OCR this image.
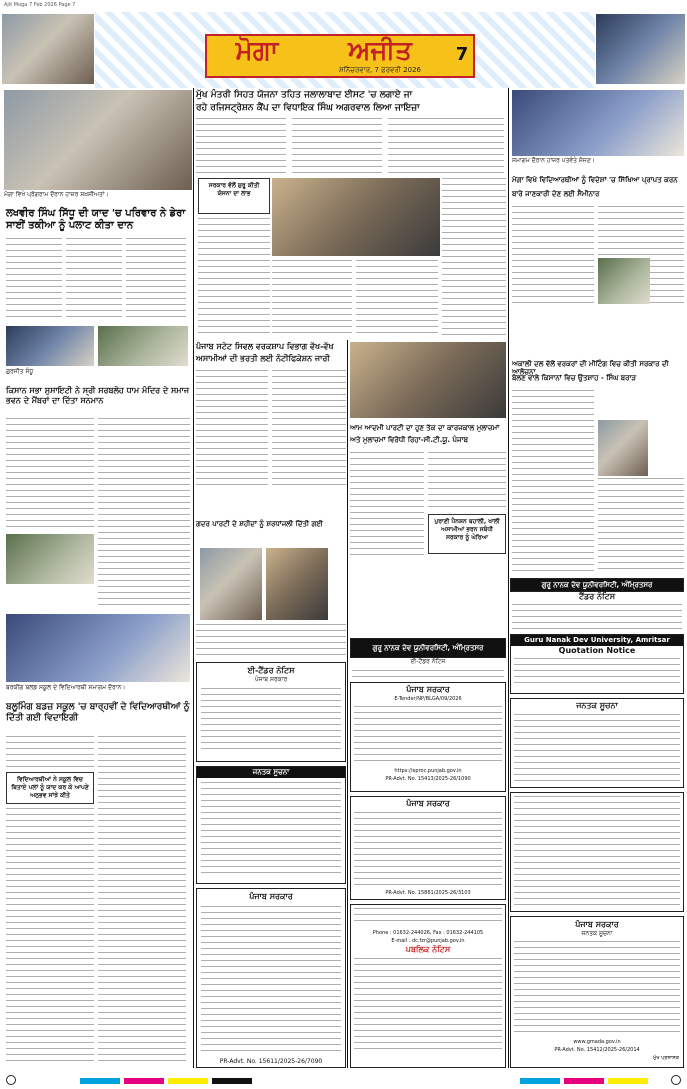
Ajit Moga 7 Feb 2026 Page 7
ਮੋਗਾ	ਅਜੀਤ
ਸ਼ਨਿੱਚਰਵਾਰ, 7 ਫ਼ਰਵਰੀ 2026
7
ਮੋਗਾ ਵਿਖੇ ਪ੍ਰੋਗਰਾਮ ਦੌਰਾਨ ਹਾਜ਼ਰ ਸ਼ਖ਼ਸੀਅਤਾਂ।
ਮੁੱਖ ਮੰਤਰੀ ਸਿਹਤ ਯੋਜਨਾ ਤਹਿਤ ਜਲਾਲਾਬਾਦ ਈਸਟ 'ਚ ਲਗਾਏ ਜਾ
ਰਹੇ ਰਜਿਸਟ੍ਰੇਸ਼ਨ ਕੈਂਪ ਦਾ ਵਿਧਾਇਕ ਸਿੰਘ ਅਗਰਵਾਲ ਲਿਆ ਜਾਇਜ਼ਾ
ਸਮਾਗਮ ਦੌਰਾਨ ਹਾਜ਼ਰ ਪਤਵੰਤੇ ਸੱਜਣ।
ਲਖਵੀਰ ਸਿੰਘ ਸਿੱਧੂ ਦੀ ਯਾਦ 'ਚ ਪਰਿਵਾਰ ਨੇ ਡੇਰਾ ਸਾਈਂ ਤਕੀਆ ਨੂੰ ਪਲਾਟ ਕੀਤਾ ਦਾਨ
ਸਰਕਾਰ ਵੱਲੋਂ ਸ਼ੁਰੂ ਕੀਤੀ ਯੋਜਨਾ ਦਾ ਲਾਭ
ਮੋਗਾ ਵਿਖੇ ਵਿਦਿਆਰਥੀਆਂ ਨੂੰ ਵਿਦੇਸ਼ਾਂ 'ਚ ਸਿੱਖਿਆ ਪ੍ਰਾਪਤ ਕਰਨ
ਬਾਰੇ ਜਾਣਕਾਰੀ ਦੇਣ ਲਈ ਸੈਮੀਨਾਰ
ਗੁਰਜੀਤ ਸੰਧੂ
ਪੰਜਾਬ ਸਟੇਟ ਸਿਵਲ ਵਰਕਸ਼ਾਪ ਵਿਭਾਗ ਵੱਖ-ਵੱਖ
ਅਸਾਮੀਆਂ ਦੀ ਭਰਤੀ ਲਈ ਨੋਟੀਫਿਕੇਸ਼ਨ ਜਾਰੀ
ਆਮ ਆਦਮੀ ਪਾਰਟੀ ਦਾ ਹੁਣ ਤੱਕ ਦਾ ਕਾਰਜਕਾਲ ਮੁਲਾਜ਼ਮਾਂ
ਅਤੇ ਮੁਲਾਜ਼ਮਾਂ ਵਿਰੋਧੀ ਰਿਹਾ-ਸੀ.ਟੀ.ਯੂ. ਪੰਜਾਬ
ਪੁਰਾਣੀ ਪੈਨਸ਼ਨ ਬਹਾਲੀ, ਖਾਲੀ ਅਸਾਮੀਆਂ ਭਰਨ ਸਬੰਧੀ ਸਰਕਾਰ ਨੂੰ ਘੇਰਿਆ
ਅਕਾਲੀ ਦਲ ਵੱਲੋਂ ਵਰਕਰਾਂ ਦੀ ਮੀਟਿੰਗ ਵਿਚ ਕੀਤੀ ਸਰਕਾਰ ਦੀ ਆਲੋਚਨਾ
ਬੋਲਣ ਵਾਲੇ ਕਿਸਾਨਾਂ ਵਿਚ ਉਤਸ਼ਾਹ - ਸਿੰਘ ਬਰਾੜ
ਕਿਸਾਨ ਸਭਾ ਸੁਸਾਇਟੀ ਨੇ ਸ੍ਰੀ ਸਰਬਲੋਹ ਧਾਮ ਮੰਦਿਰ ਦੇ ਸਮਾਜ ਭਵਨ ਦੇ ਮੈਂਬਰਾਂ ਦਾ ਦਿੱਤਾ ਸਨਮਾਨ
ਗਦਰ ਪਾਰਟੀ ਦੇ ਸ਼ਹੀਦਾਂ ਨੂੰ ਸ਼ਰਧਾਂਜਲੀ ਦਿੱਤੀ ਗਈ
ਬਰਕੀਂਗ ਬਲਡ ਸਕੂਲ ਦੇ ਵਿਦਿਆਰਥੀ ਸਮਾਗਮ ਦੌਰਾਨ।
ਬਲੂਮਿੰਗ ਬਡਜ਼ ਸਕੂਲ 'ਚ ਬਾਰ੍ਹਵੀਂ ਦੇ ਵਿਦਿਆਰਥੀਆਂ ਨੂੰ ਦਿੱਤੀ ਗਈ ਵਿਦਾਇਗੀ
ਵਿਦਿਆਰਥੀਆਂ ਨੇ ਸਕੂਲ ਵਿਚ ਬਿਤਾਏ ਪਲਾਂ ਨੂੰ ਯਾਦ ਕਰ ਕੇ ਆਪਣੇ ਅਨੁਭਵ ਸਾਂਝੇ ਕੀਤੇ
ਈ-ਟੈਂਡਰ ਨੋਟਿਸ
ਪੰਜਾਬ ਸਰਕਾਰ
ਜਨਤਕ ਸੂਚਨਾ
ਪੰਜਾਬ ਸਰਕਾਰ
PR-Advt. No. 15611/2025-26/7090
ਗੁਰੂ ਨਾਨਕ ਦੇਵ ਯੂਨੀਵਰਸਿਟੀ, ਅੰਮ੍ਰਿਤਸਰ
ਈ-ਟੈਂਡਰ ਨੋਟਿਸ
ਪੰਜਾਬ ਸਰਕਾਰ
E-Tender/NP/BLGA/09/2026
https://eproc.punjab.gov.in
PR-Advt. No. 15413/2025-26/1090
ਪੰਜਾਬ ਸਰਕਾਰ
PR-Advt. No. 15861/2025-26/3103
Phone : 01632-244026, Fax : 01632-244105
E-mail : dc.fzr@punjab.gov.in
ਪਬਲਿਕ ਨੋਟਿਸ
ਗੁਰੂ ਨਾਨਕ ਦੇਵ ਯੂਨੀਵਰਸਿਟੀ, ਅੰਮ੍ਰਿਤਸਰ
ਟੈਂਡਰ ਨੋਟਿਸ
Guru Nanak Dev University, Amritsar
Quotation Notice
ਜਨਤਕ ਸੂਚਨਾ
ਪੰਜਾਬ ਸਰਕਾਰ
ਜਨਤਕ ਸੂਚਨਾ
www.gmada.gov.in
PR-Advt. No. 15412/2025-26/2014
ਮੁੱਖ ਪ੍ਰਸ਼ਾਸਕ
